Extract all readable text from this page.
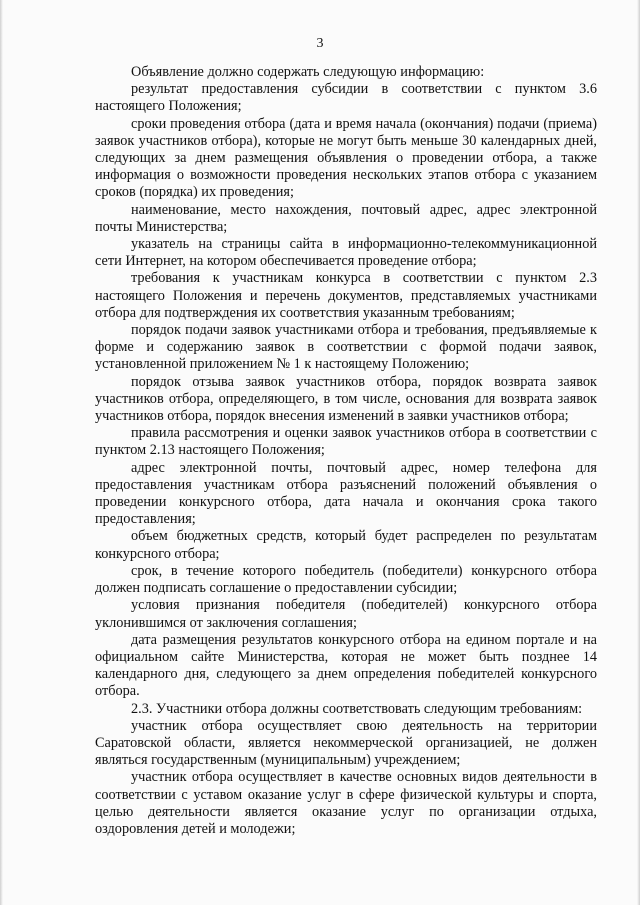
3

Объявление должно содержать следующую информацию:

результат предоставления субсидии в соответствии с пунктом 3.6 настоящего Положения;

сроки проведения отбора (дата и время начала (окончания) подачи (приема) заявок участников отбора), которые не могут быть меньше 30 календарных дней, следующих за днем размещения объявления о проведении отбора, а также информация о возможности проведения нескольких этапов отбора с указанием сроков (порядка) их проведения;

наименование, место нахождения, почтовый адрес, адрес электронной почты Министерства;

указатель на страницы сайта в информационно-телекоммуникационной сети Интернет, на котором обеспечивается проведение отбора;

требования к участникам конкурса в соответствии с пунктом 2.3 настоящего Положения и перечень документов, представляемых участниками отбора для подтверждения их соответствия указанным требованиям;

порядок подачи заявок участниками отбора и требования, предъявляемые к форме и содержанию заявок в соответствии с формой подачи заявок, установленной приложением № 1 к настоящему Положению;

порядок отзыва заявок участников отбора, порядок возврата заявок участников отбора, определяющего, в том числе, основания для возврата заявок участников отбора, порядок внесения изменений в заявки участников отбора;

правила рассмотрения и оценки заявок участников отбора в соответствии с пунктом 2.13 настоящего Положения;

адрес электронной почты, почтовый адрес, номер телефона для предоставления участникам отбора разъяснений положений объявления о проведении конкурсного отбора, дата начала и окончания срока такого предоставления;

объем бюджетных средств, который будет распределен по результатам конкурсного отбора;

срок, в течение которого победитель (победители) конкурсного отбора должен подписать соглашение о предоставлении субсидии;

условия признания победителя (победителей) конкурсного отбора уклонившимся от заключения соглашения;

дата размещения результатов конкурсного отбора на едином портале и на официальном сайте Министерства, которая не может быть позднее 14 календарного дня, следующего за днем определения победителей конкурсного отбора.

2.3. Участники отбора должны соответствовать следующим требованиям:

участник отбора осуществляет свою деятельность на территории Саратовской области, является некоммерческой организацией, не должен являться государственным (муниципальным) учреждением;

участник отбора осуществляет в качестве основных видов деятельности в соответствии с уставом оказание услуг в сфере физической культуры и спорта, целью деятельности является оказание услуг по организации отдыха, оздоровления детей и молодежи;
